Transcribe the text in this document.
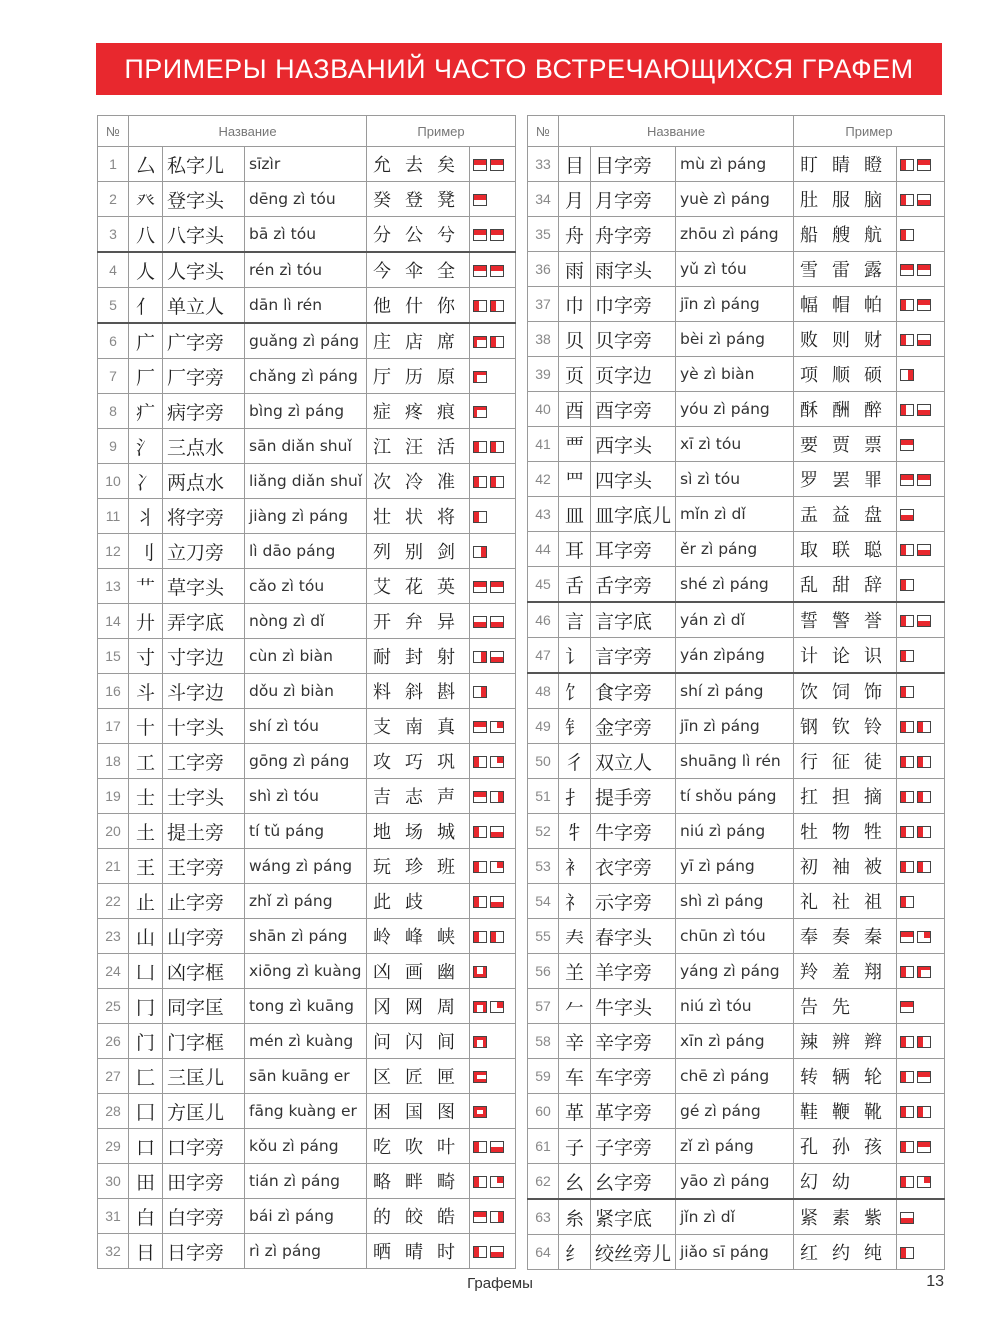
ПРИМЕРЫ НАЗВАНИЙ ЧАСТО ВСТРЕЧАЮЩИХСЯ ГРАФЕМ
№	Название			Пример	
1	厶	私字儿	sīzìr	允 去 矣	
2	癶	登字头	dēng zì tóu	癸 登 凳	
3	八	八字头	bā zì tóu	分 公 兮	
4	人	人字头	rén zì tóu	今 伞 全	
5	亻	单立人	dān lì rén	他 什 你	
6	广	广字旁	guǎng zì páng	庄 店 席	
7	厂	厂字旁	chǎng zì páng	厅 历 原	
8	疒	病字旁	bìng zì páng	症 疼 痕	
9	氵	三点水	sān diǎn shuǐ	江 汪 活	
10	冫	两点水	liǎng diǎn shuǐ	次 冷 准	
11	丬	将字旁	jiàng zì páng	壮 状 将	
12	刂	立刀旁	lì dāo páng	列 别 剑	
13	艹	草字头	cǎo zì tóu	艾 花 英	
14	廾	弄字底	nòng zì dǐ	开 弁 异	
15	寸	寸字边	cùn zì biàn	耐 封 射	
16	斗	斗字边	dǒu zì biàn	料 斜 斟	
17	十	十字头	shí zì tóu	支 南 真	
18	工	工字旁	gōng zì páng	攻 巧 巩	
19	士	士字头	shì zì tóu	吉 志 声	
20	土	提土旁	tí tǔ páng	地 场 城	
21	王	王字旁	wáng zì páng	玩 珍 班	
22	止	止字旁	zhǐ zì páng	此 歧	
23	山	山字旁	shān zì páng	岭 峰 峡	
24	凵	凶字框	xiōng zì kuàng	凶 画 幽	
25	冂	同字匡	tong zì kuāng	冈 网 周	
26	门	门字框	mén zì kuàng	问 闪 间	
27	匚	三匡儿	sān kuāng er	区 匠 匣	
28	囗	方匡儿	fāng kuàng er	困 国 图	
29	口	口字旁	kǒu zì páng	吃 吹 叶	
30	田	田字旁	tián zì páng	略 畔 畸	
31	白	白字旁	bái zì páng	的 皎 皓	
32	日	日字旁	rì zì páng	晒 晴 时	
№	Название			Пример	
33	目	目字旁	mù zì páng	盯 睛 瞪	
34	月	月字旁	yuè zì páng	肚 服 脑	
35	舟	舟字旁	zhōu zì páng	船 艘 航	
36	雨	雨字头	yǔ zì tóu	雪 雷 露	
37	巾	巾字旁	jīn zì páng	幅 帽 帕	
38	贝	贝字旁	bèi zì páng	败 则 财	
39	页	页字边	yè zì biàn	项 顺 硕	
40	酉	酉字旁	yóu zì páng	酥 酬 醉	
41	覀	西字头	xī zì tóu	要 贾 票	
42	罒	四字头	sì zì tóu	罗 罢 罪	
43	皿	皿字底儿	mǐn zì dǐ	盂 益 盘	
44	耳	耳字旁	ěr zì páng	取 联 聪	
45	舌	舌字旁	shé zì páng	乱 甜 辞	
46	言	言字底	yán zì dǐ	誓 警 誉	
47	讠	言字旁	yán zìpáng	计 论 识	
48	饣	食字旁	shí zì páng	饮 饲 饰	
49	钅	金字旁	jīn zì páng	钢 钦 铃	
50	彳	双立人	shuāng lì rén	行 征 徒	
51	扌	提手旁	tí shǒu páng	扛 担 摘	
52	牜	牛字旁	niú zì páng	牡 物 牲	
53	衤	衣字旁	yī zì páng	初 袖 被	
54	礻	示字旁	shì zì páng	礼 社 祖	
55	𡗗	春字头	chūn zì tóu	奉 奏 秦	
56	𦍌	羊字旁	yáng zì páng	羚 羞 翔	
57	𠂉	牛字头	niú zì tóu	告 先	
58	辛	辛字旁	xīn zì páng	辣 辨 辫	
59	车	车字旁	chē zì páng	转 辆 轮	
60	革	革字旁	gé zì páng	鞋 鞭 靴	
61	子	子字旁	zǐ zì páng	孔 孙 孩	
62	幺	幺字旁	yāo zì páng	幻 幼	
63	糸	紧字底	jǐn zì dǐ	紧 素 紫	
64	纟	绞丝旁儿	jiǎo sī páng	红 约 纯	
Графемы	13
